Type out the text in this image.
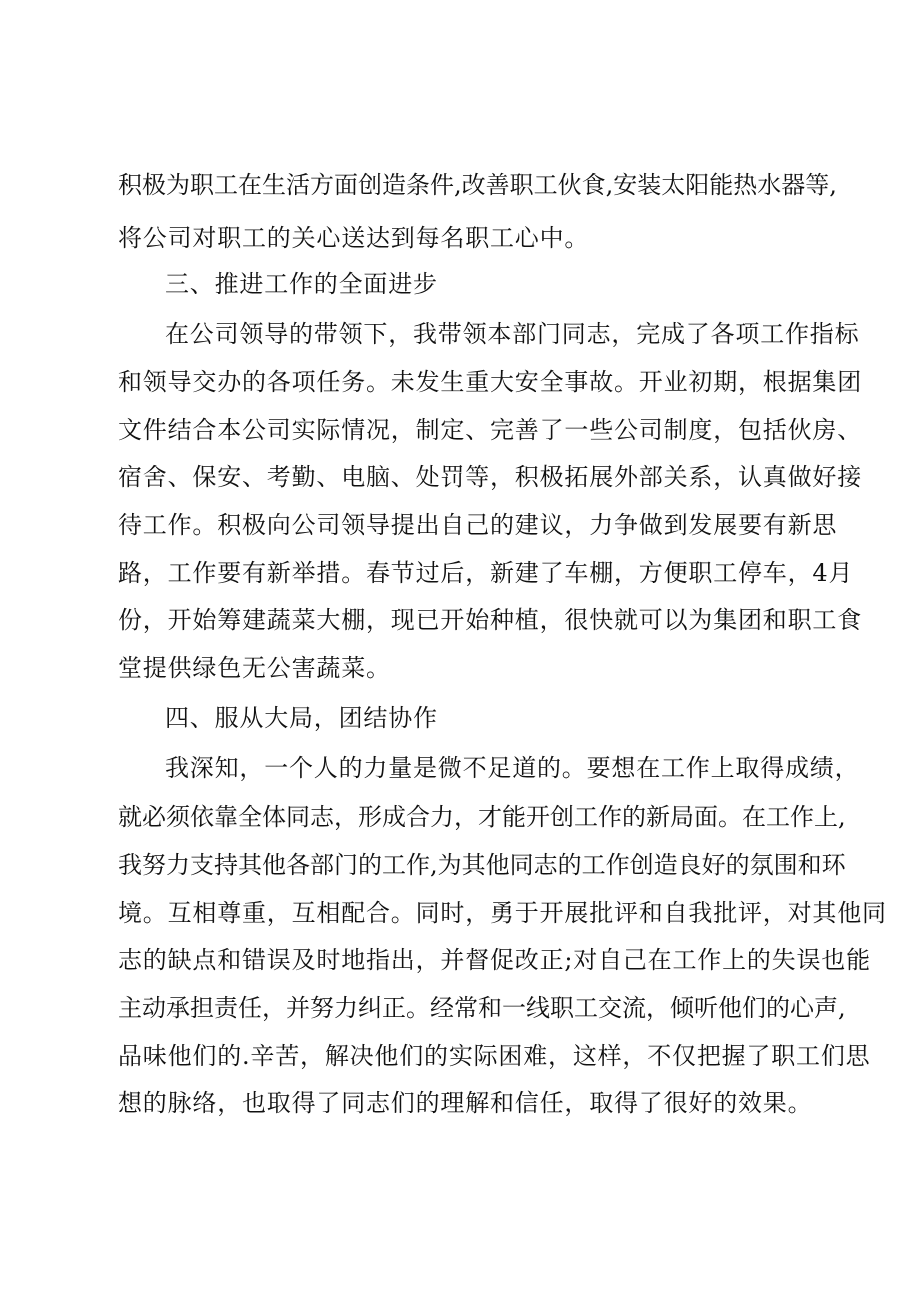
积极为职工在生活方面创造条件,改善职工伙食,安装太阳能热水器等,
将公司对职工的关心送达到每名职工心中。
三、推进工作的全面进步
在公司领导的带领下，我带领本部门同志，完成了各项工作指标
和领导交办的各项任务。未发生重大安全事故。开业初期，根据集团
文件结合本公司实际情况，制定、完善了一些公司制度，包括伙房、
宿舍、保安、考勤、电脑、处罚等，积极拓展外部关系，认真做好接
待工作。积极向公司领导提出自己的建议，力争做到发展要有新思
路，工作要有新举措。春节过后，新建了车棚，方便职工停车，4月
份，开始筹建蔬菜大棚，现已开始种植，很快就可以为集团和职工食
堂提供绿色无公害蔬菜。
四、服从大局，团结协作
我深知，一个人的力量是微不足道的。要想在工作上取得成绩，
就必须依靠全体同志，形成合力，才能开创工作的新局面。在工作上,
我努力支持其他各部门的工作,为其他同志的工作创造良好的氛围和环
境。互相尊重，互相配合。同时，勇于开展批评和自我批评，对其他同
志的缺点和错误及时地指出，并督促改正;对自己在工作上的失误也能
主动承担责任，并努力纠正。经常和一线职工交流，倾听他们的心声,
品味他们的.辛苦，解决他们的实际困难，这样，不仅把握了职工们思
想的脉络，也取得了同志们的理解和信任，取得了很好的效果。
